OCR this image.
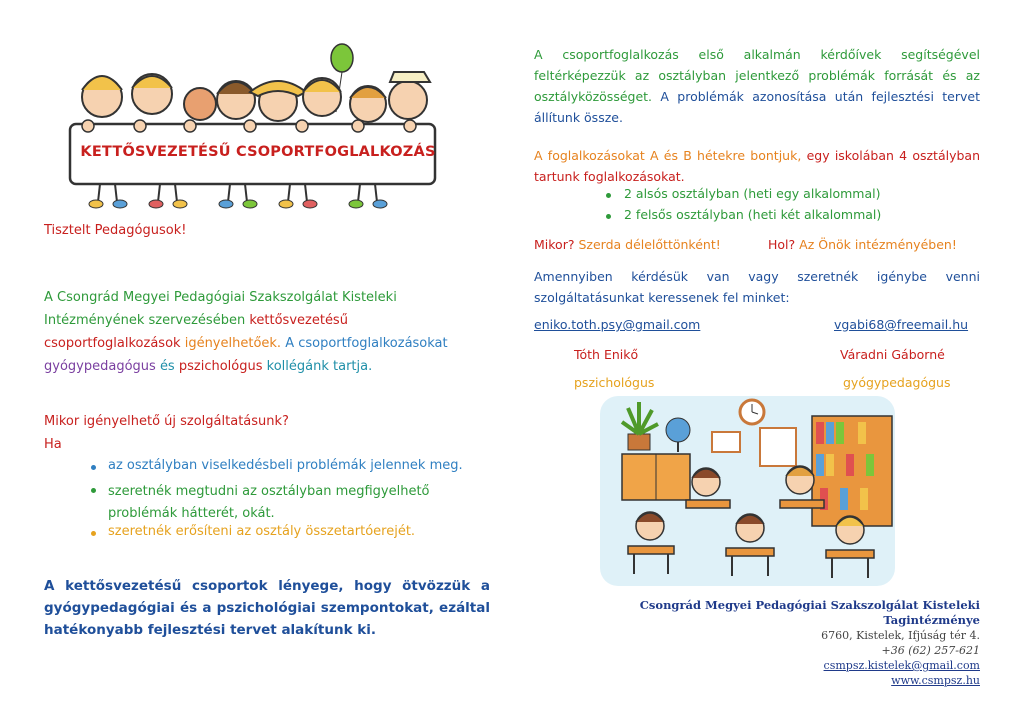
KETTŐSVEZETÉSŰ CSOPORTFOGLALKOZÁS
Tisztelt Pedagógusok!

A Csongrád Megyei Pedagógiai Szakszolgálat Kisteleki Intézményének szervezésében kettősvezetésű csoportfoglalkozások igényelhetőek. A csoportfoglalkozásokat gyógypedagógus és pszichológus kollégánk tartja.

Mikor igényelhető új szolgáltatásunk?
Ha
az osztályban viselkedésbeli problémák jelennek meg.
szeretnék megtudni az osztályban megfigyelhető problémák hátterét, okát.
szeretnék erősíteni az osztály összetartóerejét.

A kettősvezetésű csoportok lényege, hogy ötvözzük a gyógypedagógiai és a pszichológiai szempontokat, ezáltal hatékonyabb fejlesztési tervet alakítunk ki.

A csoportfoglalkozás első alkalmán kérdőívek segítségével feltérképezzük az osztályban jelentkező problémák forrását és az osztályközösséget. A problémák azonosítása után fejlesztési tervet állítunk össze.

A foglalkozásokat A és B hétekre bontjuk, egy iskolában 4 osztályban tartunk foglalkozásokat.

2 alsós osztályban (heti egy alkalommal)
2 felsős osztályban (heti két alkalommal)
Mikor? Szerda délelőttönként!	Hol? Az Önök intézményében!

Amennyiben kérdésük van vagy szeretnék igénybe venni szolgáltatásunkat keressenek fel minket:

eniko.toth.psy@gmail.com	vgabi68@freemail.hu
Tóth Enikő	Váradni Gáborné
pszichológus	gyógypedagógus
Csongrád Megyei Pedagógiai Szakszolgálat Kisteleki Tagintézménye
6760, Kistelek, Ifjúság tér 4.
+36 (62) 257-621
csmpsz.kistelek@gmail.com
www.csmpsz.hu
